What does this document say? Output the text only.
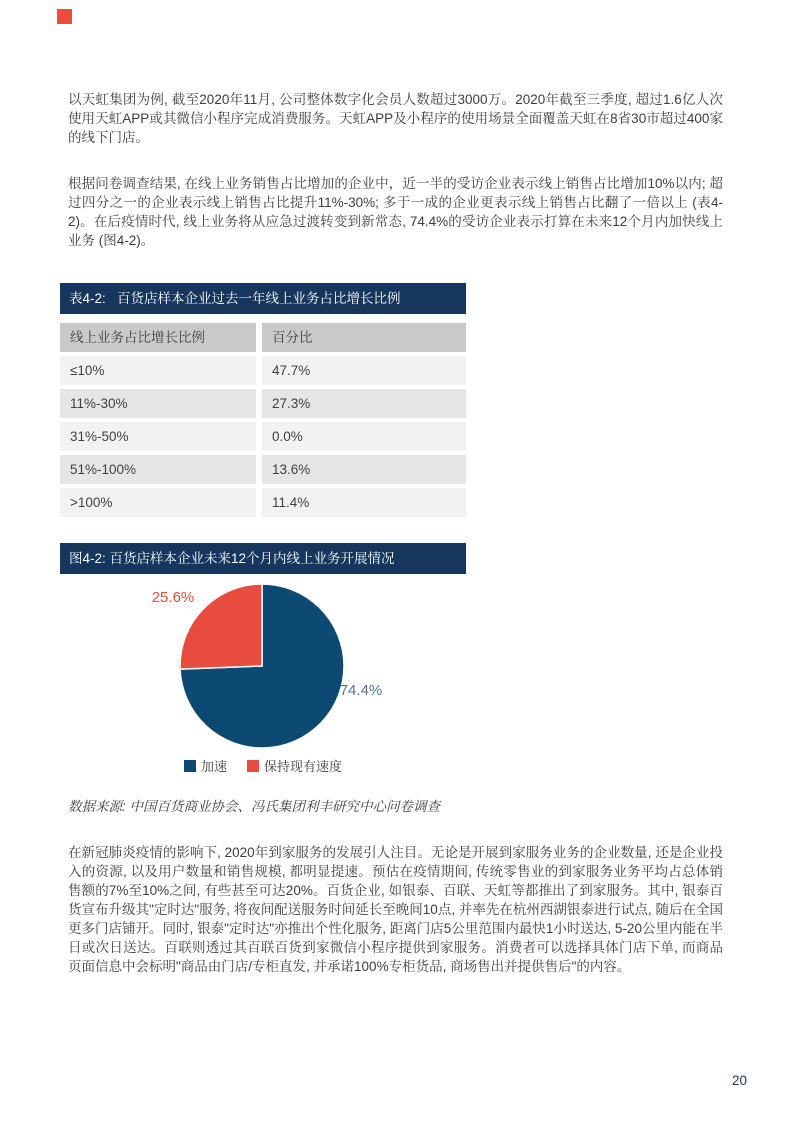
以天虹集团为例, 截至2020年11月, 公司整体数字化会员人数超过3000万。2020年截至三季度, 超过1.6亿人次使用天虹APP或其微信小程序完成消费服务。天虹APP及小程序的使用场景全面覆盖天虹在8省30市超过400家的线下门店。

根据问卷调查结果, 在线上业务销售占比增加的企业中，近一半的受访企业表示线上销售占比增加10%以内; 超过四分之一的企业表示线上销售占比提升11%-30%; 多于一成的企业更表示线上销售占比翻了一倍以上 (表4-2)。在后疫情时代, 线上业务将从应急过渡转变到新常态, 74.4%的受访企业表示打算在未来12个月内加快线上业务 (图4-2)。

表4-2:   百货店样本企业过去一年线上业务占比增长比例
线上业务占比增长比例	百分比
≤10%	47.7%
11%-30%	27.3%
31%-50%	0.0%
51%-100%	13.6%
>100%	11.4%
图4-2: 百货店样本企业未来12个月内线上业务开展情况
74.4%
25.6%
加速	保持现有速度

数据来源: 中国百货商业协会、冯氏集团利丰研究中心问卷调查

在新冠肺炎疫情的影响下, 2020年到家服务的发展引人注目。无论是开展到家服务业务的企业数量, 还是企业投入的资源, 以及用户数量和销售规模, 都明显提速。预估在疫情期间, 传统零售业的到家服务业务平均占总体销售额的7%至10%之间, 有些甚至可达20%。百货企业, 如银泰、百联、天虹等都推出了到家服务。其中, 银泰百货宣布升级其"定时达"服务, 将夜间配送服务时间延长至晚间10点, 并率先在杭州西湖银泰进行试点, 随后在全国更多门店铺开。同时, 银泰"定时达"亦推出个性化服务, 距离门店5公里范围内最快1小时送达, 5-20公里内能在半日或次日送达。百联则透过其百联百货到家微信小程序提供到家服务。消费者可以选择具体门店下单, 而商品页面信息中会标明"商品由门店/专柜直发, 并承诺100%专柜货品, 商场售出并提供售后"的内容。

20
